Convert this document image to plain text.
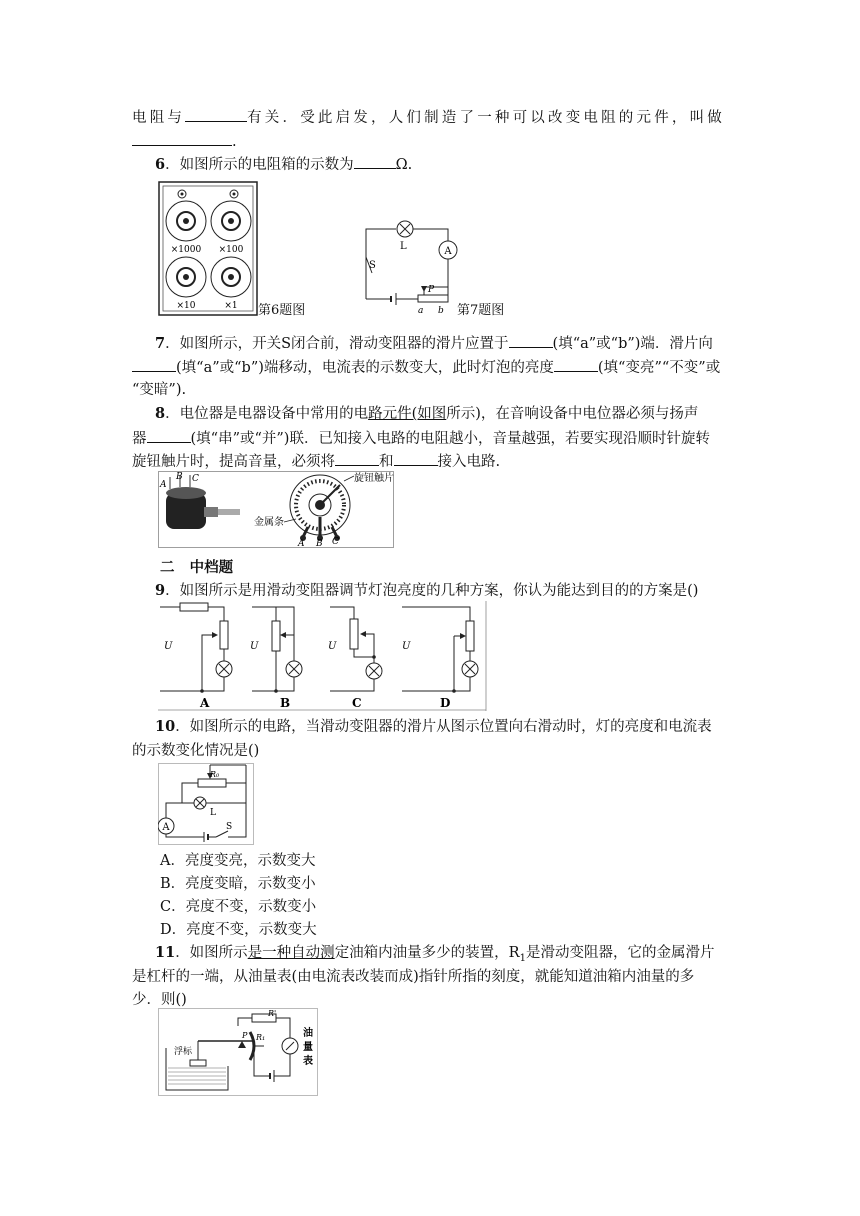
电阻与	有关．受此启发，人们制造了一种可以改变电阻的元件，叫做
.
6．如图所示的电阻箱的示数为	Ω.
×1000 ×100
×10	×1 第6题图
A
L
S
P
a b 第7题图
7．如图所示，开关S闭合前，滑动变阻器的滑片应置于	(填“a”或“b”)端．滑片向
(填“a”或“b”)端移动，电流表的示数变大，此时灯泡的亮度	(填“变亮”“不变”或
“变暗”).
8．电位器是电器设备中常用的电路元件(如图所示)，在音响设备中电位器必须与扬声
器	(填“串”或“并”)联．已知接入电路的电阻越小，音量越强，若要实现沿顺时针旋转
旋钮触片时，提高音量，必须将	和	接入电路.
A
B C	旋钮触片
金属条
A B C
二 中档题
9．如图所示是用滑动变阻器调节灯泡亮度的几种方案，你认为能达到目的的方案是()
U	U	U	U
A	B	C	D
10．如图所示的电路，当滑动变阻器的滑片从图示位置向右滑动时，灯的亮度和电流表
的示数变化情况是()
A
R₀
L
S
A．亮度变亮，示数变大
B．亮度变暗，示数变小
C．亮度不变，示数变小
D．亮度不变，示数变大
11．如图所示是一种自动测定油箱内油量多少的装置，$R_1$是滑动变阻器，它的金属滑片
是杠杆的一端，从油量表(由电流表改装而成)指针所指的刻度，就能知道油箱内油量的多
少．则()
R'
R₁
P
浮标
油
量
表
